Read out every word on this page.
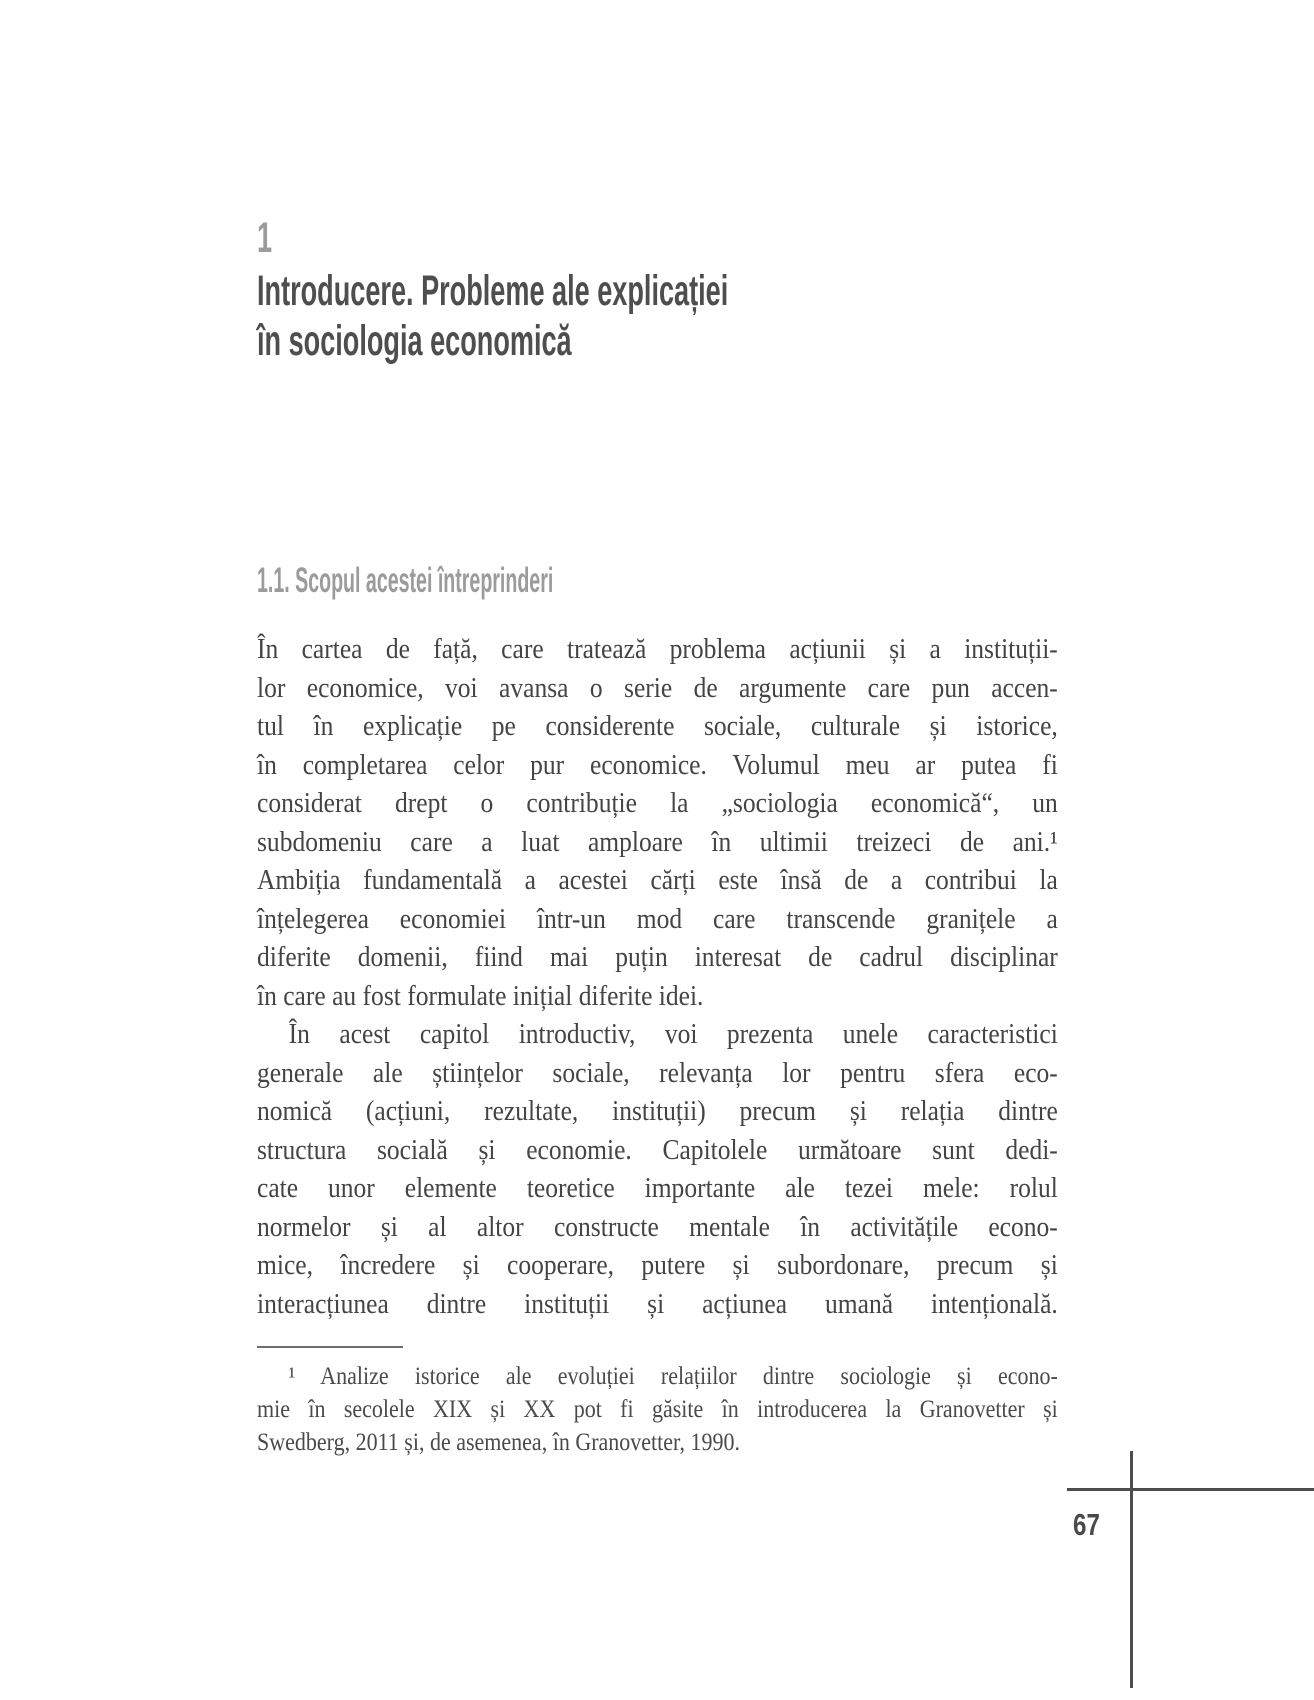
1
Introducere. Probleme ale explicației
în sociologia economică
1.1. Scopul acestei întreprinderi
În cartea de față, care tratează problema acțiunii și a instituții-
lor economice, voi avansa o serie de argumente care pun accen-
tul în explicație pe considerente sociale, culturale și istorice,
în completarea celor pur economice. Volumul meu ar putea fi
considerat drept o contribuție la „sociologia economică“, un
subdomeniu care a luat amploare în ultimii treizeci de ani.¹
Ambiția fundamentală a acestei cărți este însă de a contribui la
înțelegerea economiei într-un mod care transcende granițele a
diferite domenii, fiind mai puțin interesat de cadrul disciplinar
în care au fost formulate inițial diferite idei.
În acest capitol introductiv, voi prezenta unele caracteristici
generale ale științelor sociale, relevanța lor pentru sfera eco-
nomică (acțiuni, rezultate, instituții) precum și relația dintre
structura socială și economie. Capitolele următoare sunt dedi-
cate unor elemente teoretice importante ale tezei mele: rolul
normelor și al altor constructe mentale în activitățile econo-
mice, încredere și cooperare, putere și subordonare, precum și
interacțiunea dintre instituții și acțiunea umană intențională.
¹ Analize istorice ale evoluției relațiilor dintre sociologie și econo-
mie în secolele XIX și XX pot fi găsite în introducerea la Granovetter și
Swedberg, 2011 și, de asemenea, în Granovetter, 1990.
67
